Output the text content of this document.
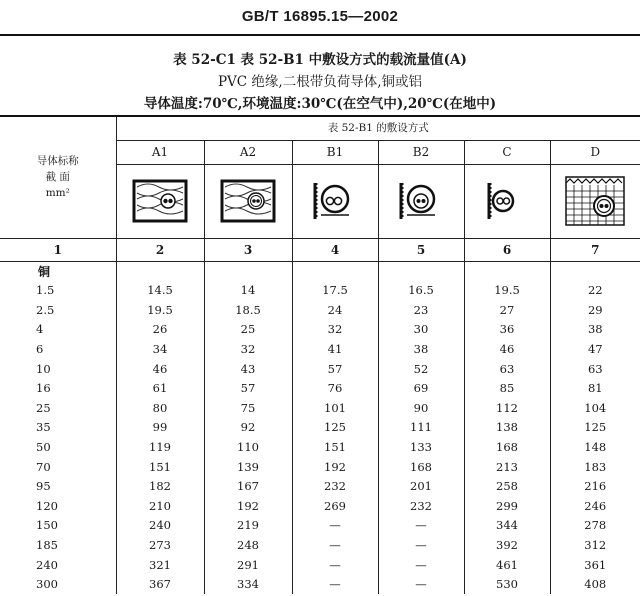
GB/T 16895.15—2002
表 52-C1 表 52-B1 中敷设方式的载流量值(A)
PVC 绝缘,二根带负荷导体,铜或铝
导体温度:70℃,环境温度:30℃(在空气中),20℃(在地中)
导体标称
截 面
mm²	表 52-B1 的敷设方式					
	A1	A2	B1	B2	C	D

1	2	3	4	5	6	7
铜						
1.5	14.5	14	17.5	16.5	19.5	22
2.5	19.5	18.5	24	23	27	29
4	26	25	32	30	36	38
6	34	32	41	38	46	47
10	46	43	57	52	63	63
16	61	57	76	69	85	81
25	80	75	101	90	112	104
35	99	92	125	111	138	125
50	119	110	151	133	168	148
70	151	139	192	168	213	183
95	182	167	232	201	258	216
120	210	192	269	232	299	246
150	240	219	—	—	344	278
185	273	248	—	—	392	312
240	321	291	—	—	461	361
300	367	334	—	—	530	408
